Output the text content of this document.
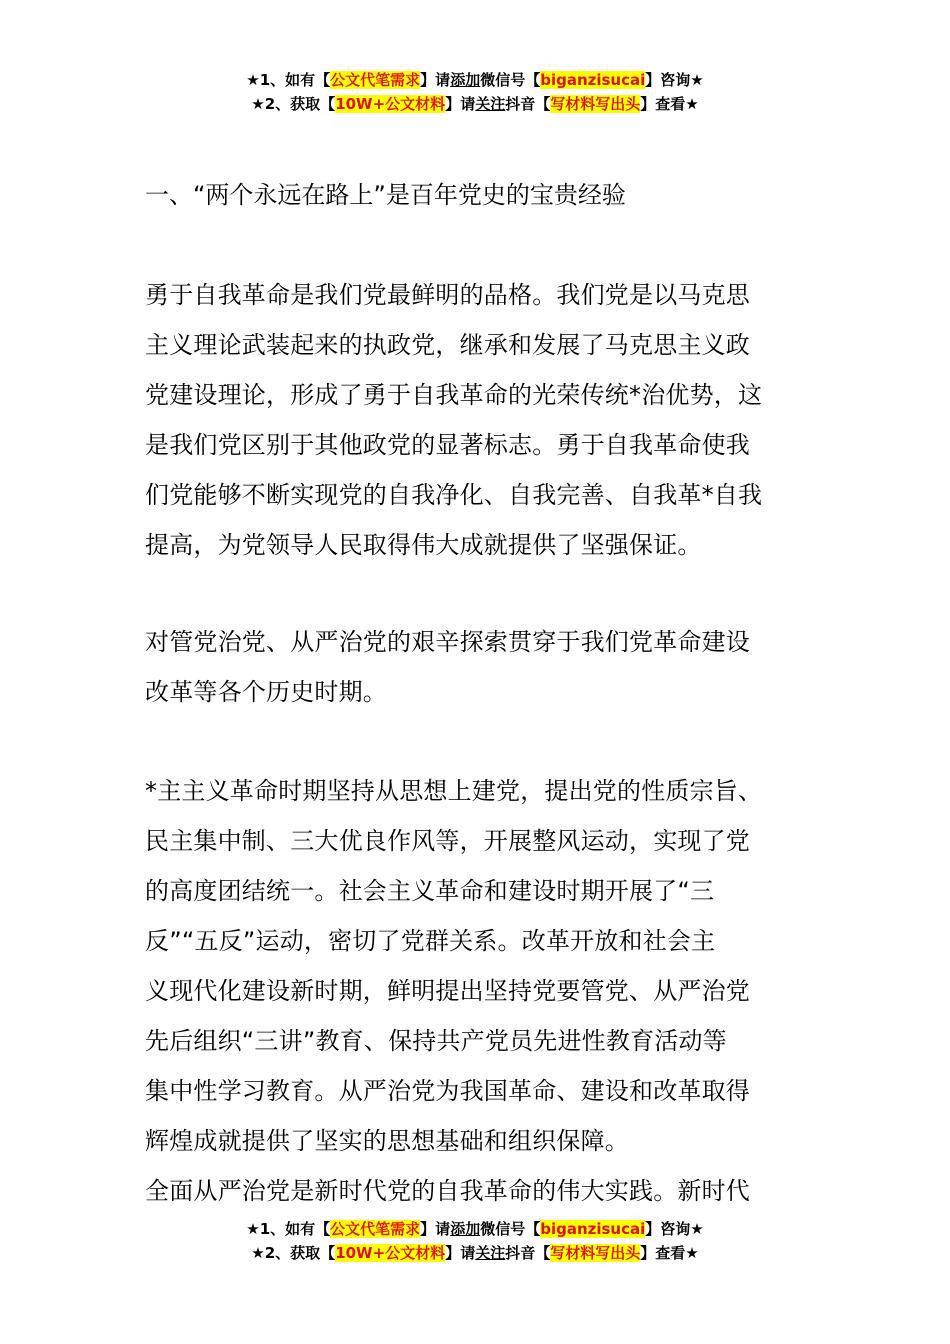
★1、如有【公文代笔需求】请添加微信号【biganzisucai】咨询★
★2、获取【10W+公文材料】请关注抖音【写材料写出头】查看★
一、“两个永远在路上”是百年党史的宝贵经验
勇于自我革命是我们党最鲜明的品格。我们党是以马克思
主义理论武装起来的执政党，继承和发展了马克思主义政
党建设理论，形成了勇于自我革命的光荣传统*治优势，这
是我们党区别于其他政党的显著标志。勇于自我革命使我
们党能够不断实现党的自我净化、自我完善、自我革*自我
提高，为党领导人民取得伟大成就提供了坚强保证。
对管党治党、从严治党的艰辛探索贯穿于我们党革命建设
改革等各个历史时期。
*主主义革命时期坚持从思想上建党，提出党的性质宗旨、
民主集中制、三大优良作风等，开展整风运动，实现了党
的高度团结统一。社会主义革命和建设时期开展了“三
反”“五反”运动，密切了党群关系。改革开放和社会主
义现代化建设新时期，鲜明提出坚持党要管党、从严治党
先后组织“三讲”教育、保持共产党员先进性教育活动等
集中性学习教育。从严治党为我国革命、建设和改革取得
辉煌成就提供了坚实的思想基础和组织保障。
全面从严治党是新时代党的自我革命的伟大实践。新时代
★1、如有【公文代笔需求】请添加微信号【biganzisucai】咨询★
★2、获取【10W+公文材料】请关注抖音【写材料写出头】查看★
